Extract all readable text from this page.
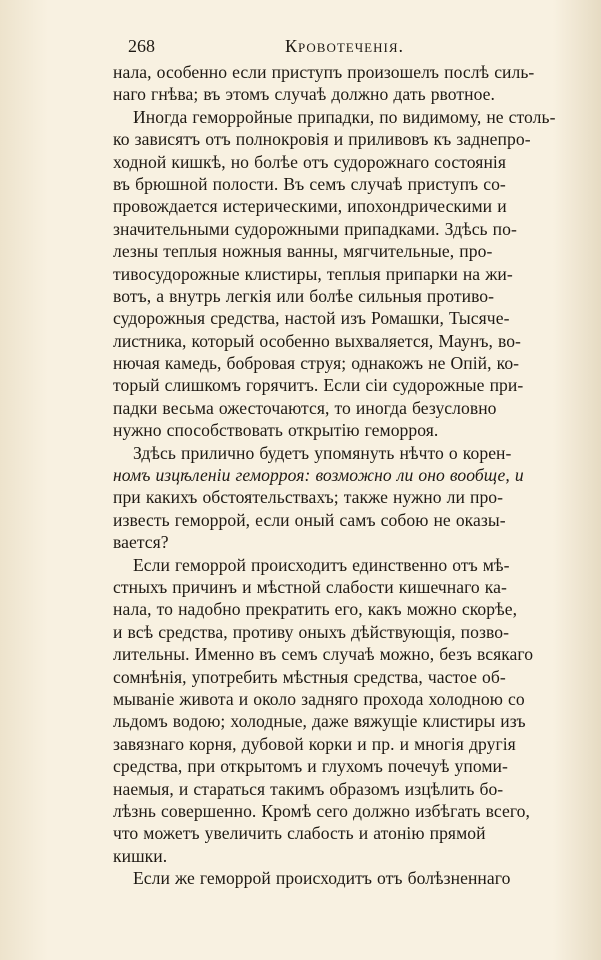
268	Кровотеченія.
нала, особенно если приступъ произошелъ послѣ силь-
наго гнѣва; въ этомъ случаѣ должно дать рвотное.
Иногда геморройные припадки, по видимому, не столь-
ко зависятъ отъ полнокровія и приливовъ къ заднепро-
ходной кишкѣ, но болѣе отъ судорожнаго состоянія
въ брюшной полости. Въ семъ случаѣ приступъ со-
провождается истерическими, ипохондрическими и
значительными судорожными припадками. Здѣсь по-
лезны теплыя ножныя ванны, мягчительные, про-
тивосудорожные клистиры, теплыя припарки на жи-
вотъ, а внутрь легкія или болѣе сильныя противо-
судорожныя средства, настой изъ Ромашки, Тысяче-
листника, который особенно выхваляется, Маунъ, во-
нючая камедь, бобровая струя; однакожъ не Опій, ко-
торый слишкомъ горячитъ. Если сіи судорожные при-
падки весьма ожесточаются, то иногда безусловно
нужно способствовать открытію геморроя.
Здѣсь прилично будетъ упомянуть нѣчто о корен-
номъ изцѣленіи геморроя: возможно ли оно вообще, и
при какихъ обстоятельствахъ; также нужно ли про-
известь геморрой, если оный самъ собою не оказы-
вается?
Если геморрой происходитъ единственно отъ мѣ-
стныхъ причинъ и мѣстной слабости кишечнаго ка-
нала, то надобно прекратить его, какъ можно скорѣе,
и всѣ средства, противу оныхъ дѣйствующія, позво-
лительны. Именно въ семъ случаѣ можно, безъ всякаго
сомнѣнія, употребить мѣстныя средства, частое об-
мываніе живота и около задняго прохода холодною со
льдомъ водою; холодные, даже вяжущіе клистиры изъ
завязнаго корня, дубовой корки и пр. и многія другія
средства, при открытомъ и глухомъ почечуѣ упоми-
наемыя, и стараться такимъ образомъ изцѣлить бо-
лѣзнь совершенно. Кромѣ сего должно избѣгать всего,
что можетъ увеличить слабость и атонію прямой
кишки.
Если же геморрой происходитъ отъ болѣзненнаго
